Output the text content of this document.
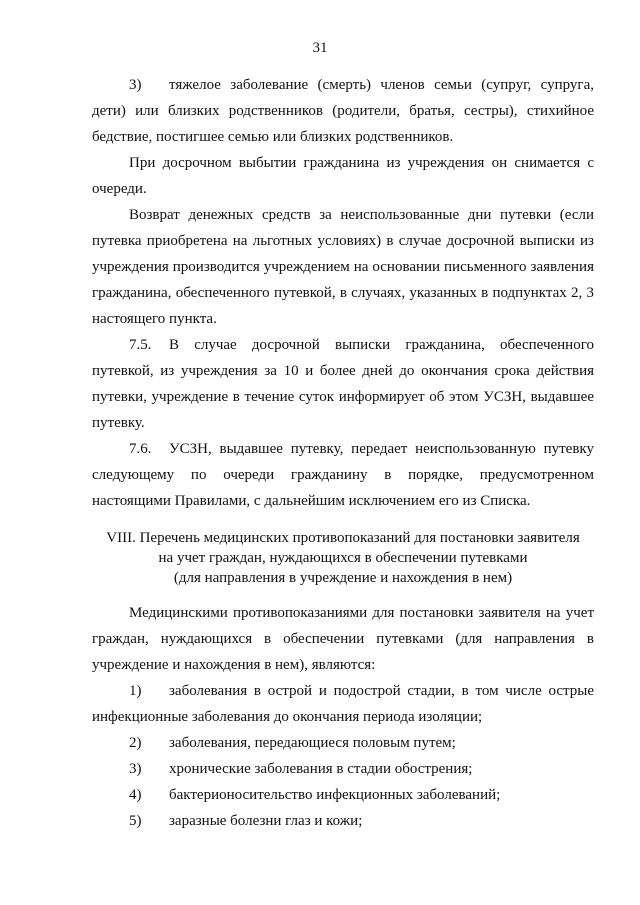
31

3) тяжелое заболевание (смерть) членов семьи (супруг, супруга, дети) или близких родственников (родители, братья, сестры), стихийное бедствие, постигшее семью или близких родственников.

При досрочном выбытии гражданина из учреждения он снимается с очереди.

Возврат денежных средств за неиспользованные дни путевки (если путевка приобретена на льготных условиях) в случае досрочной выписки из учреждения производится учреждением на основании письменного заявления гражданина, обеспеченного путевкой, в случаях, указанных в подпунктах 2, 3 настоящего пункта.

7.5. В случае досрочной выписки гражданина, обеспеченного путевкой, из учреждения за 10 и более дней до окончания срока действия путевки, учреждение в течение суток информирует об этом УСЗН, выдавшее путевку.

7.6. УСЗН, выдавшее путевку, передает неиспользованную путевку следующему по очереди гражданину в порядке, предусмотренном настоящими Правилами, с дальнейшим исключением его из Списка.

VIII. Перечень медицинских противопоказаний для постановки заявителя
на учет граждан, нуждающихся в обеспечении путевками
(для направления в учреждение и нахождения в нем)

Медицинскими противопоказаниями для постановки заявителя на учет граждан, нуждающихся в обеспечении путевками (для направления в учреждение и нахождения в нем), являются:

1) заболевания в острой и подострой стадии, в том числе острые инфекционные заболевания до окончания периода изоляции;

2) заболевания, передающиеся половым путем;

3) хронические заболевания в стадии обострения;

4) бактерионосительство инфекционных заболеваний;

5) заразные болезни глаз и кожи;
